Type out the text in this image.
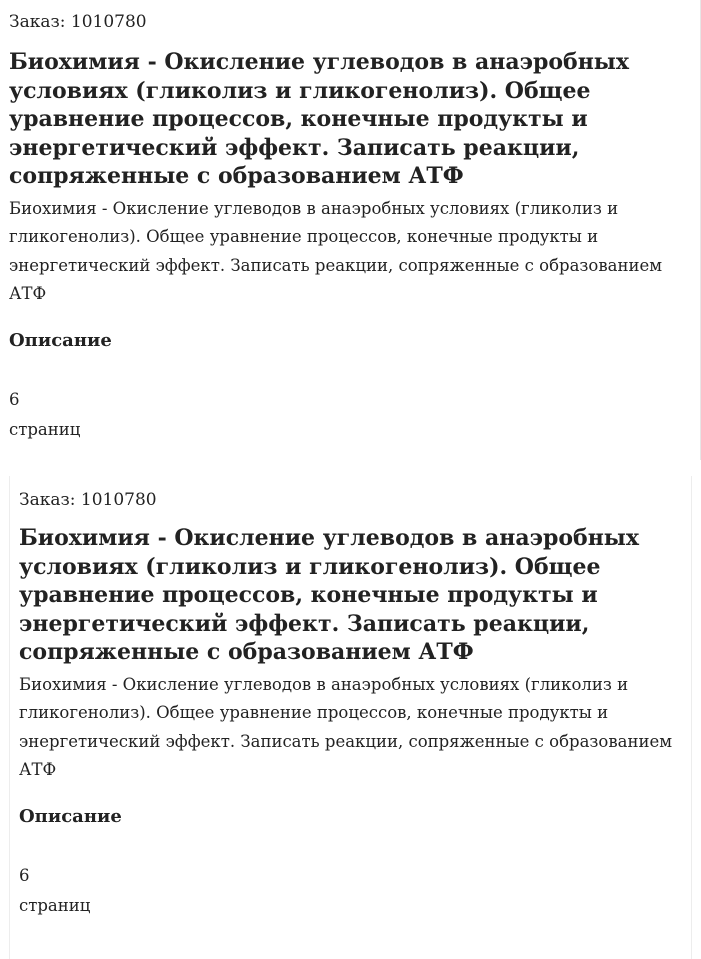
Заказ: 1010780
Биохимия - Окисление углеводов в анаэробных условиях (гликолиз и гликогенолиз). Общее уравнение процессов, конечные продукты и энергетический эффект. Записать реакции, сопряженные с образованием АТФ
Биохимия - Окисление углеводов в анаэробных условиях (гликолиз и гликогенолиз). Общее уравнение процессов, конечные продукты и энергетический эффект. Записать реакции, сопряженные с образованием АТФ
Описание
6
страниц
Заказ: 1010780
Биохимия - Окисление углеводов в анаэробных условиях (гликолиз и гликогенолиз). Общее уравнение процессов, конечные продукты и энергетический эффект. Записать реакции, сопряженные с образованием АТФ
Биохимия - Окисление углеводов в анаэробных условиях (гликолиз и гликогенолиз). Общее уравнение процессов, конечные продукты и энергетический эффект. Записать реакции, сопряженные с образованием АТФ
Описание
6
страниц
